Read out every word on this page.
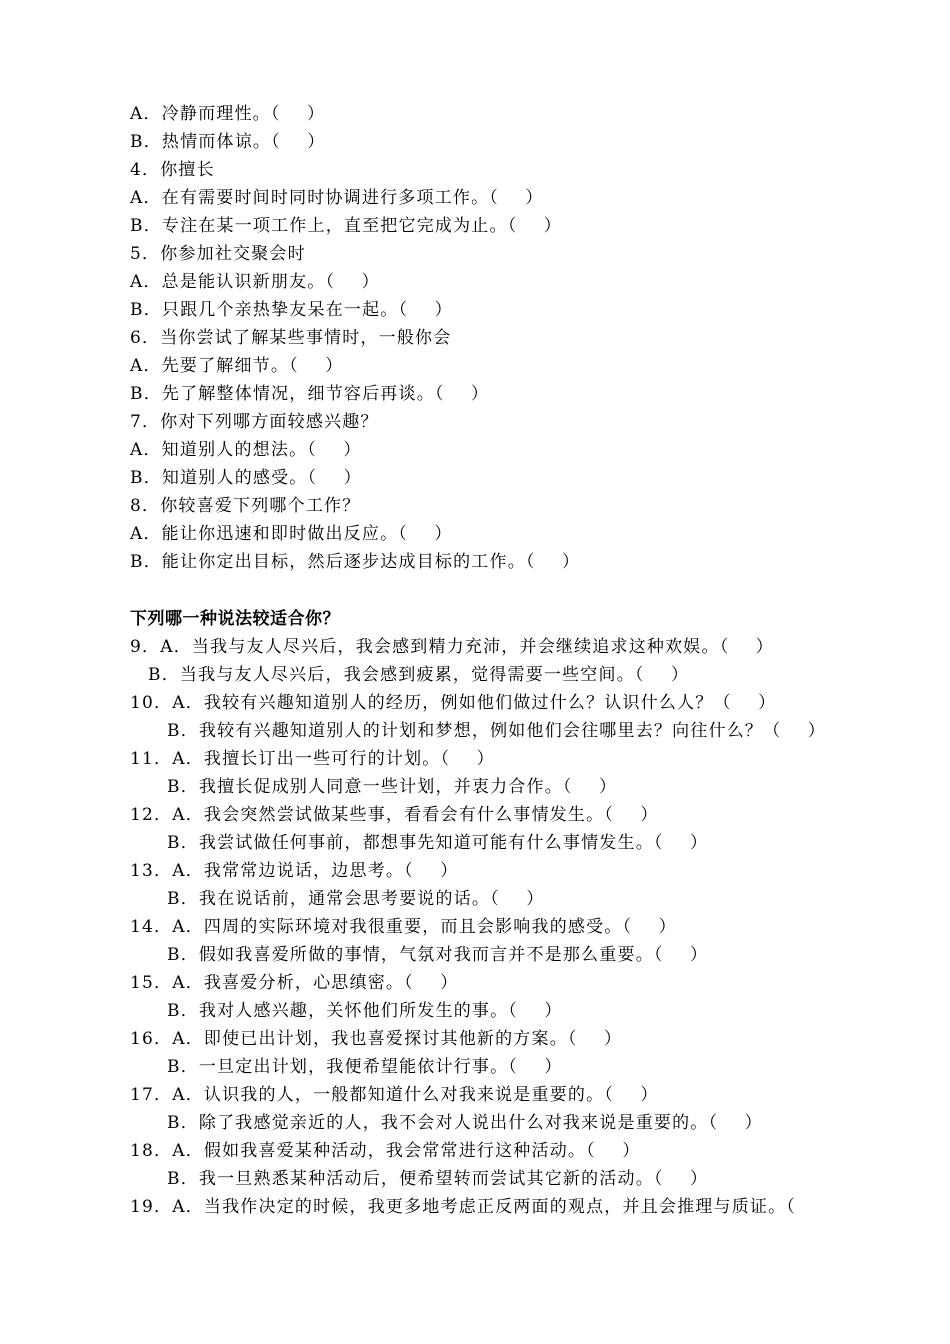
A．冷静而理性。（    ）
B．热情而体谅。（    ）
4．你擅长
A．在有需要时间时同时协调进行多项工作。（    ）
B．专注在某一项工作上，直至把它完成为止。（    ）
5．你参加社交聚会时
A．总是能认识新朋友。（    ）
B．只跟几个亲热挚友呆在一起。（    ）
6．当你尝试了解某些事情时，一般你会
A．先要了解细节。（    ）
B．先了解整体情况，细节容后再谈。（    ）
7．你对下列哪方面较感兴趣？
A．知道别人的想法。（    ）
B．知道别人的感受。（    ）
8．你较喜爱下列哪个工作？
A．能让你迅速和即时做出反应。（    ）
B．能让你定出目标，然后逐步达成目标的工作。（    ）
下列哪一种说法较适合你？
9．A．当我与友人尽兴后，我会感到精力充沛，并会继续追求这种欢娱。（    ）
B．当我与友人尽兴后，我会感到疲累，觉得需要一些空间。（    ）
10．A．我较有兴趣知道别人的经历，例如他们做过什么？认识什么人？（    ）
B．我较有兴趣知道别人的计划和梦想，例如他们会往哪里去？向往什么？（    ）
11．A．我擅长订出一些可行的计划。（    ）
B．我擅长促成别人同意一些计划，并衷力合作。（    ）
12．A．我会突然尝试做某些事，看看会有什么事情发生。（    ）
B．我尝试做任何事前，都想事先知道可能有什么事情发生。（    ）
13．A．我常常边说话，边思考。（    ）
B．我在说话前，通常会思考要说的话。（    ）
14．A．四周的实际环境对我很重要，而且会影响我的感受。（    ）
B．假如我喜爱所做的事情，气氛对我而言并不是那么重要。（    ）
15．A．我喜爱分析，心思缜密。（    ）
B．我对人感兴趣，关怀他们所发生的事。（    ）
16．A．即使已出计划，我也喜爱探讨其他新的方案。（    ）
B．一旦定出计划，我便希望能依计行事。（    ）
17．A．认识我的人，一般都知道什么对我来说是重要的。（    ）
B．除了我感觉亲近的人，我不会对人说出什么对我来说是重要的。（    ）
18．A．假如我喜爱某种活动，我会常常进行这种活动。（    ）
B．我一旦熟悉某种活动后，便希望转而尝试其它新的活动。（    ）
19．A．当我作决定的时候，我更多地考虑正反两面的观点，并且会推理与质证。（
